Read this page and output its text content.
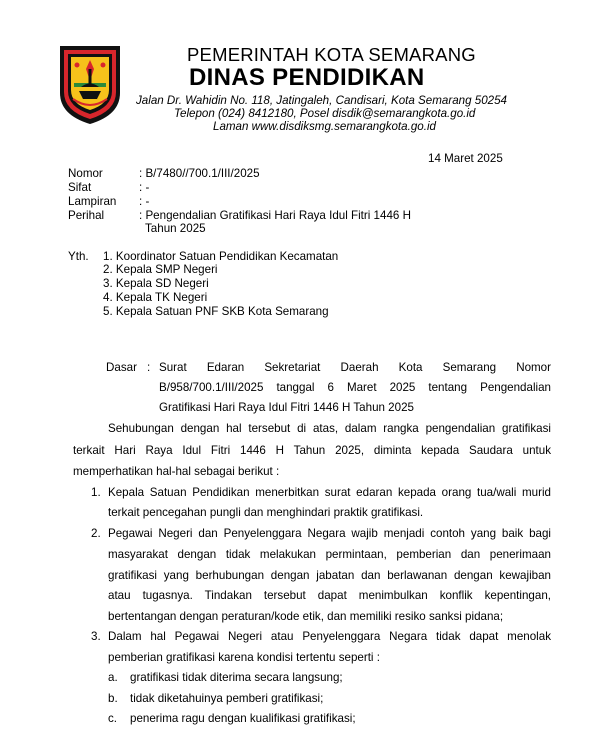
PEMERINTAH KOTA SEMARANG
DINAS PENDIDIKAN
Jalan Dr. Wahidin No. 118, Jatingaleh, Candisari, Kota Semarang 50254
Telepon (024) 8412180, Posel disdik@semarangkota.go.id
Laman www.disdiksmg.semarangkota.go.id
14 Maret 2025
Nomor	: B/7480//700.1/III/2025
Sifat	: -
Lampiran : -
Perihal	: Pengendalian Gratifikasi Hari Raya Idul Fitri 1446 H
Tahun 2025
Yth. 1. Koordinator Satuan Pendidikan Kecamatan
2. Kepala SMP Negeri
3. Kepala SD Negeri
4. Kepala TK Negeri
5. Kepala Satuan PNF SKB Kota Semarang
Dasar : Surat Edaran Sekretariat Daerah Kota Semarang Nomor
B/958/700.1/III/2025 tanggal 6 Maret 2025 tentang Pengendalian
Gratifikasi Hari Raya Idul Fitri 1446 H Tahun 2025
Sehubungan dengan hal tersebut di atas, dalam rangka pengendalian gratifikasi
terkait Hari Raya Idul Fitri 1446 H Tahun 2025, diminta kepada Saudara untuk
memperhatikan hal-hal sebagai berikut :
1. Kepala Satuan Pendidikan menerbitkan surat edaran kepada orang tua/wali murid
terkait pencegahan pungli dan menghindari praktik gratifikasi.
2. Pegawai Negeri dan Penyelenggara Negara wajib menjadi contoh yang baik bagi
masyarakat dengan tidak melakukan permintaan, pemberian dan penerimaan
gratifikasi yang berhubungan dengan jabatan dan berlawanan dengan kewajiban
atau tugasnya. Tindakan tersebut dapat menimbulkan konflik kepentingan,
bertentangan dengan peraturan/kode etik, dan memiliki resiko sanksi pidana;
3. Dalam hal Pegawai Negeri atau Penyelenggara Negara tidak dapat menolak
pemberian gratifikasi karena kondisi tertentu seperti :
a. gratifikasi tidak diterima secara langsung;
b. tidak diketahuinya pemberi gratifikasi;
c. penerima ragu dengan kualifikasi gratifikasi;
